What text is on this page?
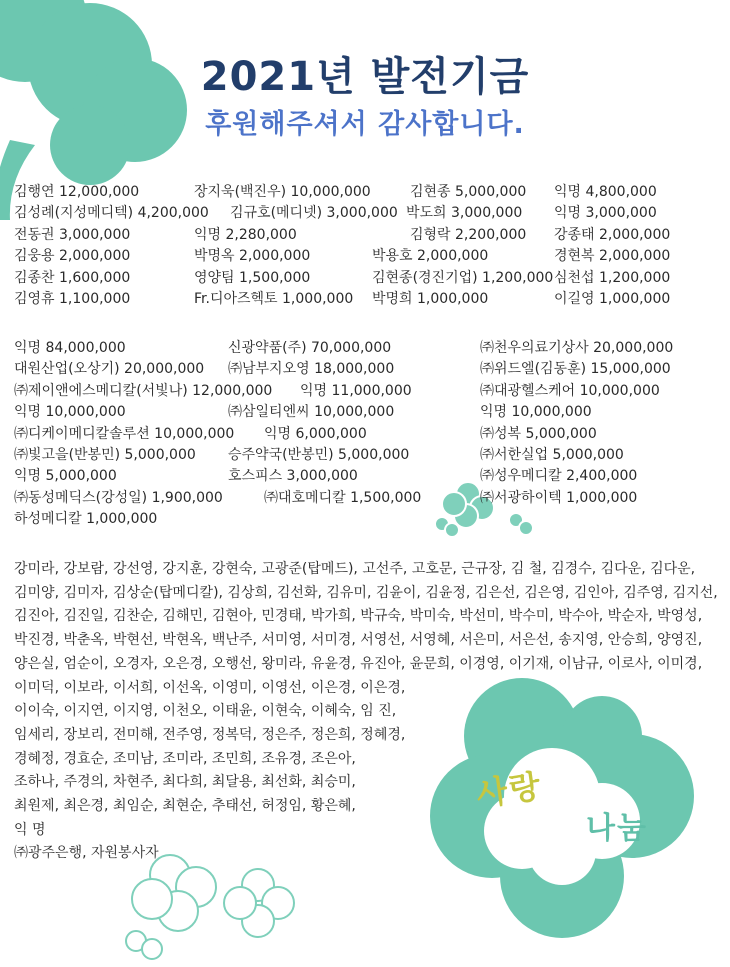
사랑
나눔
2021년 발전기금
후원해주셔서 감사합니다.
김행연 12,000,000	장지욱(백진우) 10,000,000	김현종 5,000,000 익명 4,800,000
김성례(지성메디텍) 4,200,000 김규호(메디넷) 3,000,000 박도희 3,000,000 익명 3,000,000
전동권 3,000,000	익명 2,280,000	김형락 2,200,000 강종태 2,000,000
김웅용 2,000,000	박명옥 2,000,000	박용호 2,000,000	경현복 2,000,000
김종찬 1,600,000	영양팀 1,500,000	김현종(경진기업) 1,200,000 심천섭 1,200,000
김영휴 1,100,000	Fr.디아즈헥토 1,000,000 박명희 1,000,000	이길영 1,000,000
익명 84,000,000	신광약품(주) 70,000,000	㈜천우의료기상사 20,000,000
대원산업(오상기) 20,000,000 ㈜남부지오영 18,000,000	㈜위드엘(김동훈) 15,000,000
㈜제이앤에스메디칼(서빛나) 12,000,000 익명 11,000,000	㈜대광헬스케어 10,000,000
익명 10,000,000	㈜삼일티엔씨 10,000,000	익명 10,000,000
㈜디케이메디칼솔루션 10,000,000 익명 6,000,000	㈜성복 5,000,000
㈜빛고을(반봉민) 5,000,000 승주약국(반봉민) 5,000,000	㈜서한실업 5,000,000
익명 5,000,000	호스피스 3,000,000	㈜성우메디칼 2,400,000
㈜동성메딕스(강성일) 1,900,000	㈜대호메디칼 1,500,000	㈜서광하이텍 1,000,000
하성메디칼 1,000,000
강미라, 강보람, 강선영, 강지훈, 강현숙, 고광준(탑메드), 고선주, 고호문, 근규장, 김 철, 김경수, 김다운, 김다운,
김미양, 김미자, 김상순(탑메디칼), 김상희, 김선화, 김유미, 김윤이, 김윤정, 김은선, 김은영, 김인아, 김주영, 김지선,
김진아, 김진일, 김찬순, 김해민, 김현아, 민경태, 박가희, 박규숙, 박미숙, 박선미, 박수미, 박수아, 박순자, 박영성,
박진경, 박춘옥, 박현선, 박현옥, 백난주, 서미영, 서미경, 서영선, 서영혜, 서은미, 서은선, 송지영, 안승희, 양영진,
양은실, 엄순이, 오경자, 오은경, 오행선, 왕미라, 유윤경, 유진아, 윤문희, 이경영, 이기재, 이남규, 이로사, 이미경,
이미덕, 이보라, 이서희, 이선옥, 이영미, 이영선, 이은경, 이은경,
이이숙, 이지연, 이지영, 이천오, 이태윤, 이현숙, 이혜숙, 임 진,
임세리, 장보리, 전미해, 전주영, 정복덕, 정은주, 정은희, 정혜경,
경혜정, 경효순, 조미남, 조미라, 조민희, 조유경, 조은아,
조하나, 주경의, 차현주, 최다희, 최달용, 최선화, 최승미,
최원제, 최은경, 최임순, 최현순, 추태선, 허정임, 황은혜,
익 명
㈜광주은행, 자원봉사자
